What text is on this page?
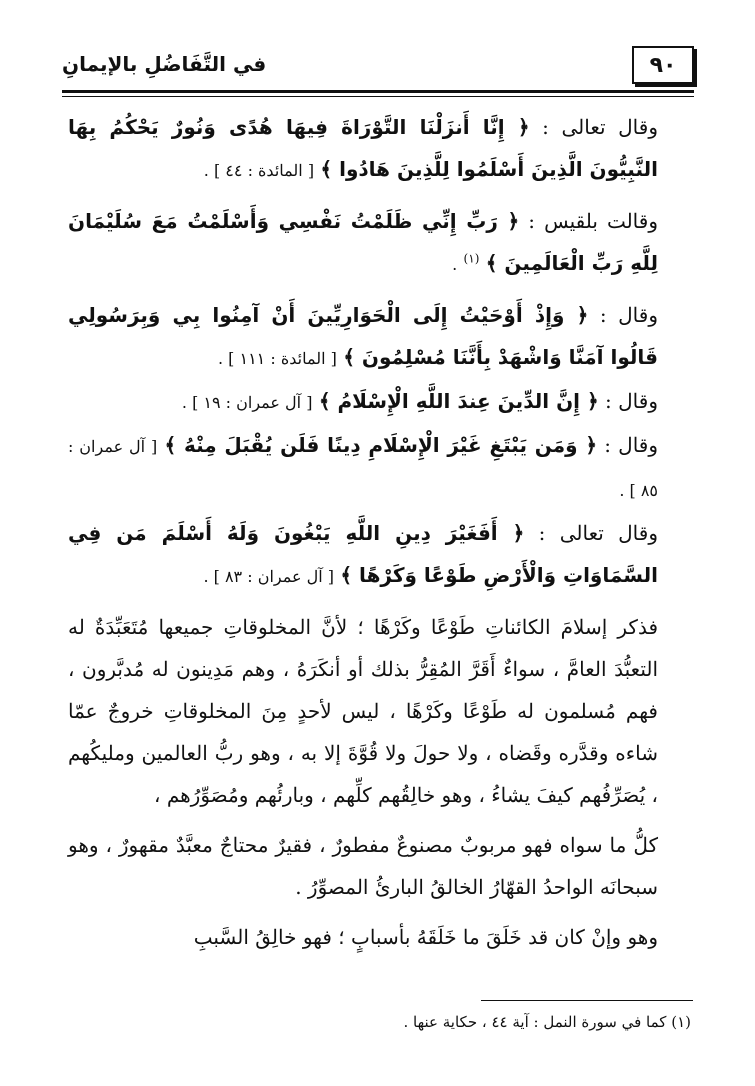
٩٠
في التَّفَاضُلِ بالإيمانِ

وقال تعالى : ﴿ إِنَّا أَنزَلْنَا التَّوْرَاةَ فِيهَا هُدًى وَنُورٌ يَحْكُمُ بِهَا النَّبِيُّونَ الَّذِينَ أَسْلَمُوا لِلَّذِينَ هَادُوا ﴾ [ المائدة : ٤٤ ] .

وقالت بلقيس : ﴿ رَبِّ إِنِّي ظَلَمْتُ نَفْسِي وَأَسْلَمْتُ مَعَ سُلَيْمَانَ لِلَّهِ رَبِّ الْعَالَمِينَ ﴾ $^{(١)}$ .

وقال : ﴿ وَإِذْ أَوْحَيْتُ إِلَى الْحَوَارِيِّينَ أَنْ آمِنُوا بِي وَبِرَسُولِي قَالُوا آمَنَّا وَاشْهَدْ بِأَنَّنَا مُسْلِمُونَ ﴾ [ المائدة : ١١١ ] .

وقال : ﴿ إِنَّ الدِّينَ عِندَ اللَّهِ الْإِسْلَامُ ﴾ [ آل عمران : ١٩ ] .

وقال : ﴿ وَمَن يَبْتَغِ غَيْرَ الْإِسْلَامِ دِينًا فَلَن يُقْبَلَ مِنْهُ ﴾ [ آل عمران : ٨٥ ] .

وقال تعالى : ﴿ أَفَغَيْرَ دِينِ اللَّهِ يَبْغُونَ وَلَهُ أَسْلَمَ مَن فِي السَّمَاوَاتِ وَالْأَرْضِ طَوْعًا وَكَرْهًا ﴾ [ آل عمران : ٨٣ ] .

فذكر إسلامَ الكائناتِ طَوْعًا وكَرْهًا ؛ لأنَّ المخلوقاتِ جميعها مُتَعَبِّدَةٌ له التعبُّدَ العامَّ ، سواءٌ أَقَرَّ المُقِرُّ بذلك أو أنكَرَهُ ، وهم مَدِينون له مُدبَّرون ، فهم مُسلمون له طَوْعًا وكَرْهًا ، ليس لأحدٍ مِنَ المخلوقاتِ خروجٌ عمّا شاءه وقدَّره وقَضاه ، ولا حولَ ولا قُوَّةَ إلا به ، وهو ربُّ العالمين ومليكُهم ، يُصَرِّفُهم كيفَ يشاءُ ، وهو خالِقُهم كلِّهم ، وبارئُهم ومُصَوِّرُهم ،

كلُّ ما سواه فهو مربوبٌ مصنوعٌ مفطورٌ ، فقيرٌ محتاجٌ معبَّدٌ مقهورٌ ، وهو سبحانَه الواحدُ القهّارُ الخالقُ البارئُ المصوِّرُ .

وهو وإنْ كان قد خَلَقَ ما خَلَقَهُ بأسبابٍ ؛ فهو خالِقُ السَّببِ

(١) كما في سورة النمل : آية ٤٤ ، حكاية عنها .
